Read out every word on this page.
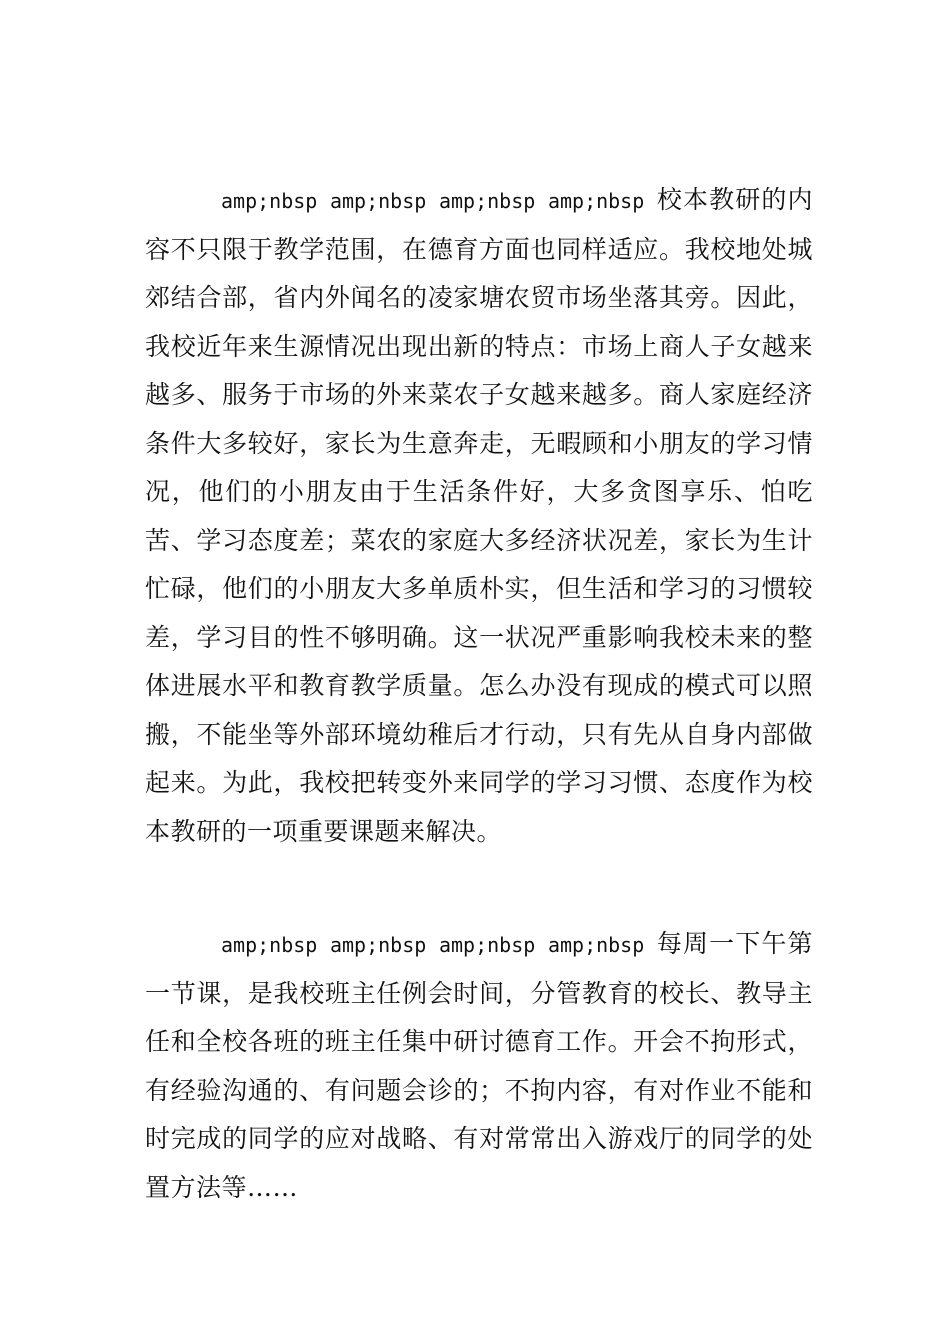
amp;nbsp amp;nbsp amp;nbsp amp;nbsp 校本教研的内容不只限于教学范围，在德育方面也同样适应。我校地处城郊结合部，省内外闻名的凌家塘农贸市场坐落其旁。因此，我校近年来生源情况出现出新的特点：市场上商人子女越来越多、服务于市场的外来菜农子女越来越多。商人家庭经济条件大多较好，家长为生意奔走，无暇顾和小朋友的学习情况，他们的小朋友由于生活条件好，大多贪图享乐、怕吃苦、学习态度差；菜农的家庭大多经济状况差，家长为生计忙碌，他们的小朋友大多单质朴实，但生活和学习的习惯较差，学习目的性不够明确。这一状况严重影响我校未来的整体进展水平和教育教学质量。怎么办没有现成的模式可以照搬，不能坐等外部环境幼稚后才行动，只有先从自身内部做起来。为此，我校把转变外来同学的学习习惯、态度作为校本教研的一项重要课题来解决。

amp;nbsp amp;nbsp amp;nbsp amp;nbsp 每周一下午第一节课，是我校班主任例会时间，分管教育的校长、教导主任和全校各班的班主任集中研讨德育工作。开会不拘形式，有经验沟通的、有问题会诊的；不拘内容，有对作业不能和时完成的同学的应对战略、有对常常出入游戏厅的同学的处置方法等……
